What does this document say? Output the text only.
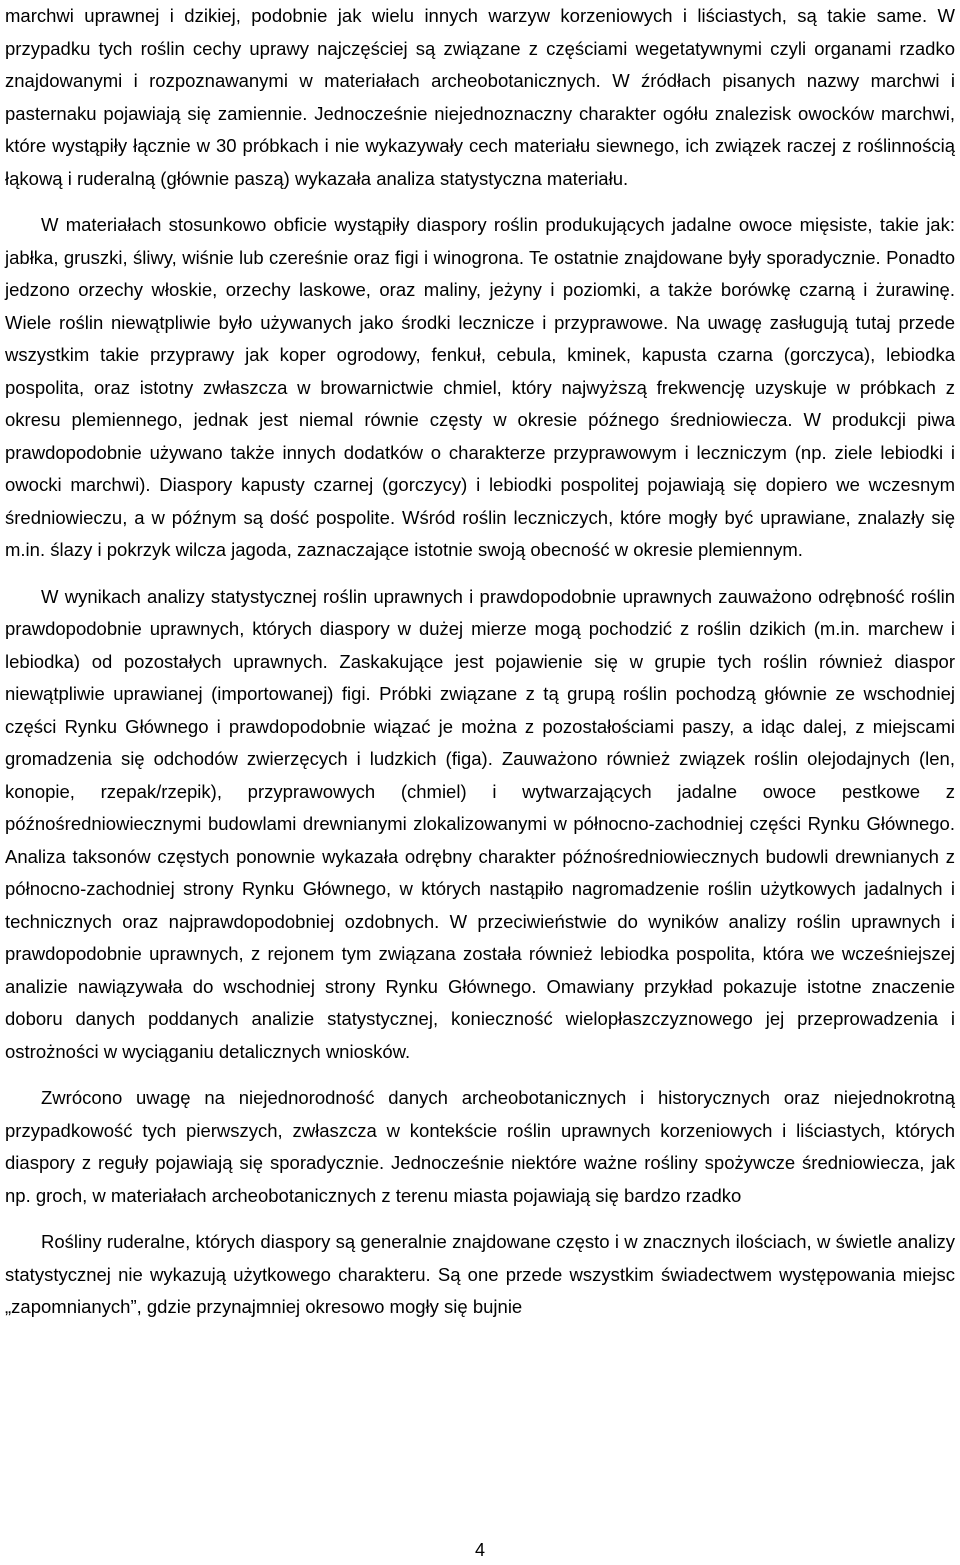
marchwi uprawnej i dzikiej, podobnie jak wielu innych warzyw korzeniowych i liściastych, są takie same. W przypadku tych roślin cechy uprawy najczęściej są związane z częściami wegetatywnymi czyli organami rzadko znajdowanymi i rozpoznawanymi w materiałach archeobotanicznych. W źródłach pisanych nazwy marchwi i pasternaku pojawiają się zamiennie. Jednocześnie niejednoznaczny charakter ogółu znalezisk owocków marchwi, które wystąpiły łącznie w 30 próbkach i nie wykazywały cech materiału siewnego, ich związek raczej z roślinnością łąkową i ruderalną (głównie paszą) wykazała analiza statystyczna materiału.

W materiałach stosunkowo obficie wystąpiły diaspory roślin produkujących jadalne owoce mięsiste, takie jak: jabłka, gruszki, śliwy, wiśnie lub czereśnie oraz figi i winogrona. Te ostatnie znajdowane były sporadycznie. Ponadto jedzono orzechy włoskie, orzechy laskowe, oraz maliny, jeżyny i poziomki, a także borówkę czarną i żurawinę. Wiele roślin niewątpliwie było używanych jako środki lecznicze i przyprawowe. Na uwagę zasługują tutaj przede wszystkim takie przyprawy jak koper ogrodowy, fenkuł, cebula, kminek, kapusta czarna (gorczyca), lebiodka pospolita, oraz istotny zwłaszcza w browarnictwie chmiel, który najwyższą frekwencję uzyskuje w próbkach z okresu plemiennego, jednak jest niemal równie częsty w okresie późnego średniowiecza. W produkcji piwa prawdopodobnie używano także innych dodatków o charakterze przyprawowym i leczniczym (np. ziele lebiodki i owocki marchwi). Diaspory kapusty czarnej (gorczycy) i lebiodki pospolitej pojawiają się dopiero we wczesnym średniowieczu, a w późnym są dość pospolite. Wśród roślin leczniczych, które mogły być uprawiane, znalazły się m.in. ślazy i pokrzyk wilcza jagoda, zaznaczające istotnie swoją obecność w okresie plemiennym.

W wynikach analizy statystycznej roślin uprawnych i prawdopodobnie uprawnych zauważono odrębność roślin prawdopodobnie uprawnych, których diaspory w dużej mierze mogą pochodzić z roślin dzikich (m.in. marchew i lebiodka) od pozostałych uprawnych. Zaskakujące jest pojawienie się w grupie tych roślin również diaspor niewątpliwie uprawianej (importowanej) figi. Próbki związane z tą grupą roślin pochodzą głównie ze wschodniej części Rynku Głównego i prawdopodobnie wiązać je można z pozostałościami paszy, a idąc dalej, z miejscami gromadzenia się odchodów zwierzęcych i ludzkich (figa). Zauważono również związek roślin olejodajnych (len, konopie, rzepak/rzepik), przyprawowych (chmiel) i wytwarzających jadalne owoce pestkowe z późnośredniowiecznymi budowlami drewnianymi zlokalizowanymi w północno-zachodniej części Rynku Głównego. Analiza taksonów częstych ponownie wykazała odrębny charakter późnośredniowiecznych budowli drewnianych z północno-zachodniej strony Rynku Głównego, w których nastąpiło nagromadzenie roślin użytkowych jadalnych i technicznych oraz najprawdopodobniej ozdobnych. W przeciwieństwie do wyników analizy roślin uprawnych i prawdopodobnie uprawnych, z rejonem tym związana została również lebiodka pospolita, która we wcześniejszej analizie nawiązywała do wschodniej strony Rynku Głównego. Omawiany przykład pokazuje istotne znaczenie doboru danych poddanych analizie statystycznej, konieczność wielopłaszczyznowego jej przeprowadzenia i ostrożności w wyciąganiu detalicznych wniosków.

Zwrócono uwagę na niejednorodność danych archeobotanicznych i historycznych oraz niejednokrotną przypadkowość tych pierwszych, zwłaszcza w kontekście roślin uprawnych korzeniowych i liściastych, których diaspory z reguły pojawiają się sporadycznie. Jednocześnie niektóre ważne rośliny spożywcze średniowiecza, jak np. groch, w materiałach archeobotanicznych z terenu miasta pojawiają się bardzo rzadko

Rośliny ruderalne, których diaspory są generalnie znajdowane często i w znacznych ilościach, w świetle analizy statystycznej nie wykazują użytkowego charakteru. Są one przede wszystkim świadectwem występowania miejsc „zapomnianych”, gdzie przynajmniej okresowo mogły się bujnie

4
